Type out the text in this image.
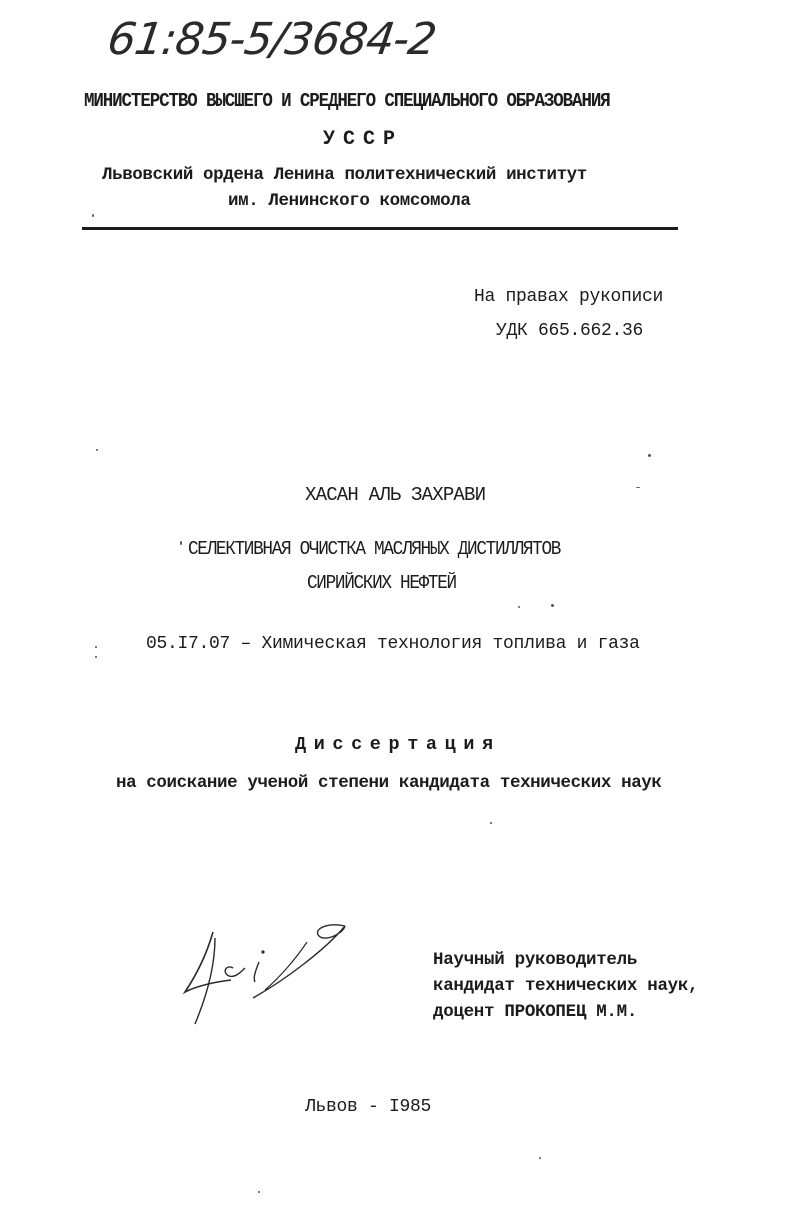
61:85-5/3684-2
МИНИСТЕРСТВО ВЫСШЕГО И СРЕДНЕГО СПЕЦИАЛЬНОГО ОБРАЗОВАНИЯ
УССР
Львовский ордена Ленина политехнический институт
им. Ленинского комсомола
На правах рукописи
УДК 665.662.36
ХАСАН АЛЬ ЗАХРАВИ
СЕЛЕКТИВНАЯ ОЧИСТКА МАСЛЯНЫХ ДИСТИЛЛЯТОВ
СИРИЙСКИХ НЕФТЕЙ
05.I7.07 – Химическая технология топлива и газа
Диссертация
на соискание ученой степени кандидата технических наук
Научный руководитель
кандидат технических наук,
доцент ПРОКОПЕЦ М.М.
Львов - I985
